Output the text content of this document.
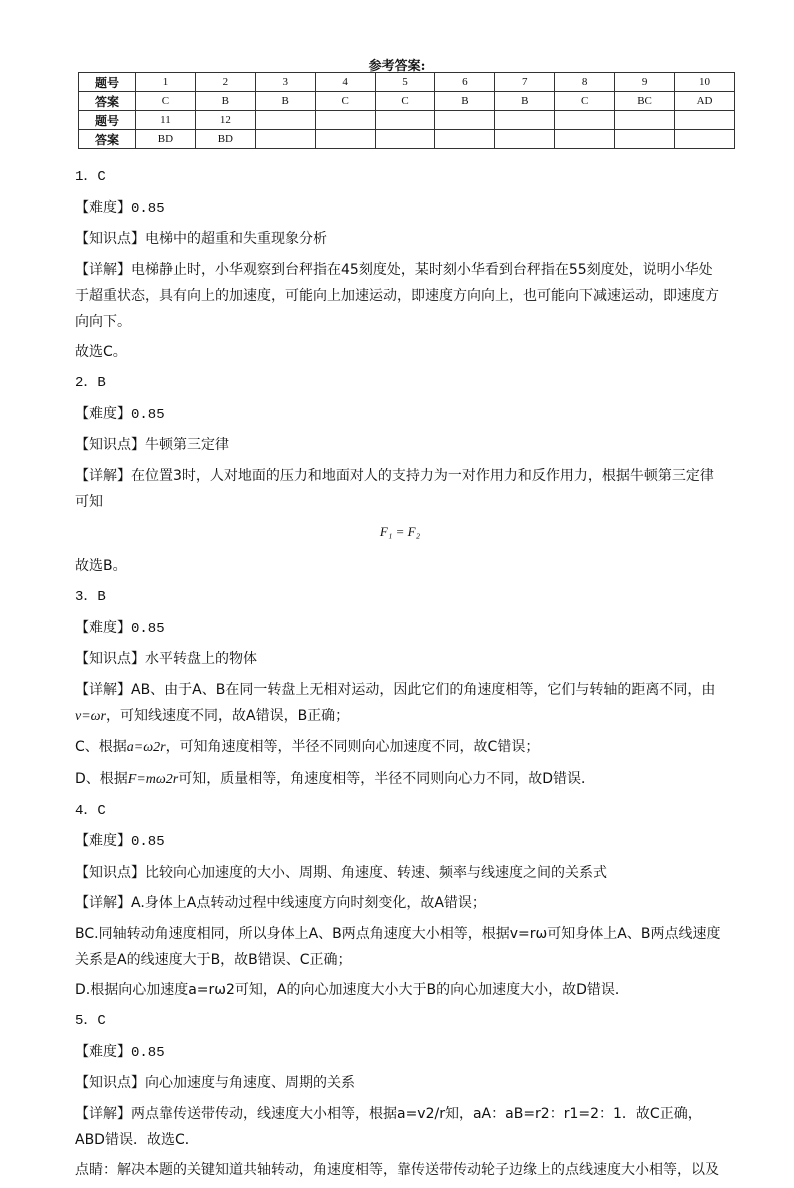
参考答案:
题号	1	2	3	4	5	6	7	8	9	10
答案	C	B	B	C	C	B	B	C	BC	AD
题号	11	12								
答案	BD	BD								
1．C
【难度】0.85
【知识点】电梯中的超重和失重现象分析
【详解】电梯静止时，小华观察到台秤指在45刻度处，某时刻小华看到台秤指在55刻度处，说明小华处于超重状态，具有向上的加速度，可能向上加速运动，即速度方向向上，也可能向下减速运动，即速度方向向下。
故选C。
2．B
【难度】0.85
【知识点】牛顿第三定律
【详解】在位置3时，人对地面的压力和地面对人的支持力为一对作用力和反作用力，根据牛顿第三定律可知
F₁ = F₂
故选B。
3．B
【难度】0.85
【知识点】水平转盘上的物体
【详解】AB、由于A、B在同一转盘上无相对运动，因此它们的角速度相等，它们与转轴的距离不同，由v=ωr，可知线速度不同，故A错误，B正确；
C、根据a=ω2r，可知角速度相等，半径不同则向心加速度不同，故C错误；
D、根据F=mω2r可知，质量相等，角速度相等，半径不同则向心力不同，故D错误．
4．C
【难度】0.85
【知识点】比较向心加速度的大小、周期、角速度、转速、频率与线速度之间的关系式
【详解】A.身体上A点转动过程中线速度方向时刻变化，故A错误；
BC.同轴转动角速度相同，所以身体上A、B两点角速度大小相等，根据v=rω可知身体上A、B两点线速度关系是A的线速度大于B，故B错误、C正确；
D.根据向心加速度a=rω2可知，A的向心加速度大小大于B的向心加速度大小，故D错误．
5．C
【难度】0.85
【知识点】向心加速度与角速度、周期的关系
【详解】两点靠传送带传动，线速度大小相等，根据a=v2/r知，aA：aB=r2：r1=2：1．故C正确，ABD错误．故选C．
点睛：解决本题的关键知道共轴转动，角速度相等，靠传送带传动轮子边缘上的点线速度大小相等，以及
